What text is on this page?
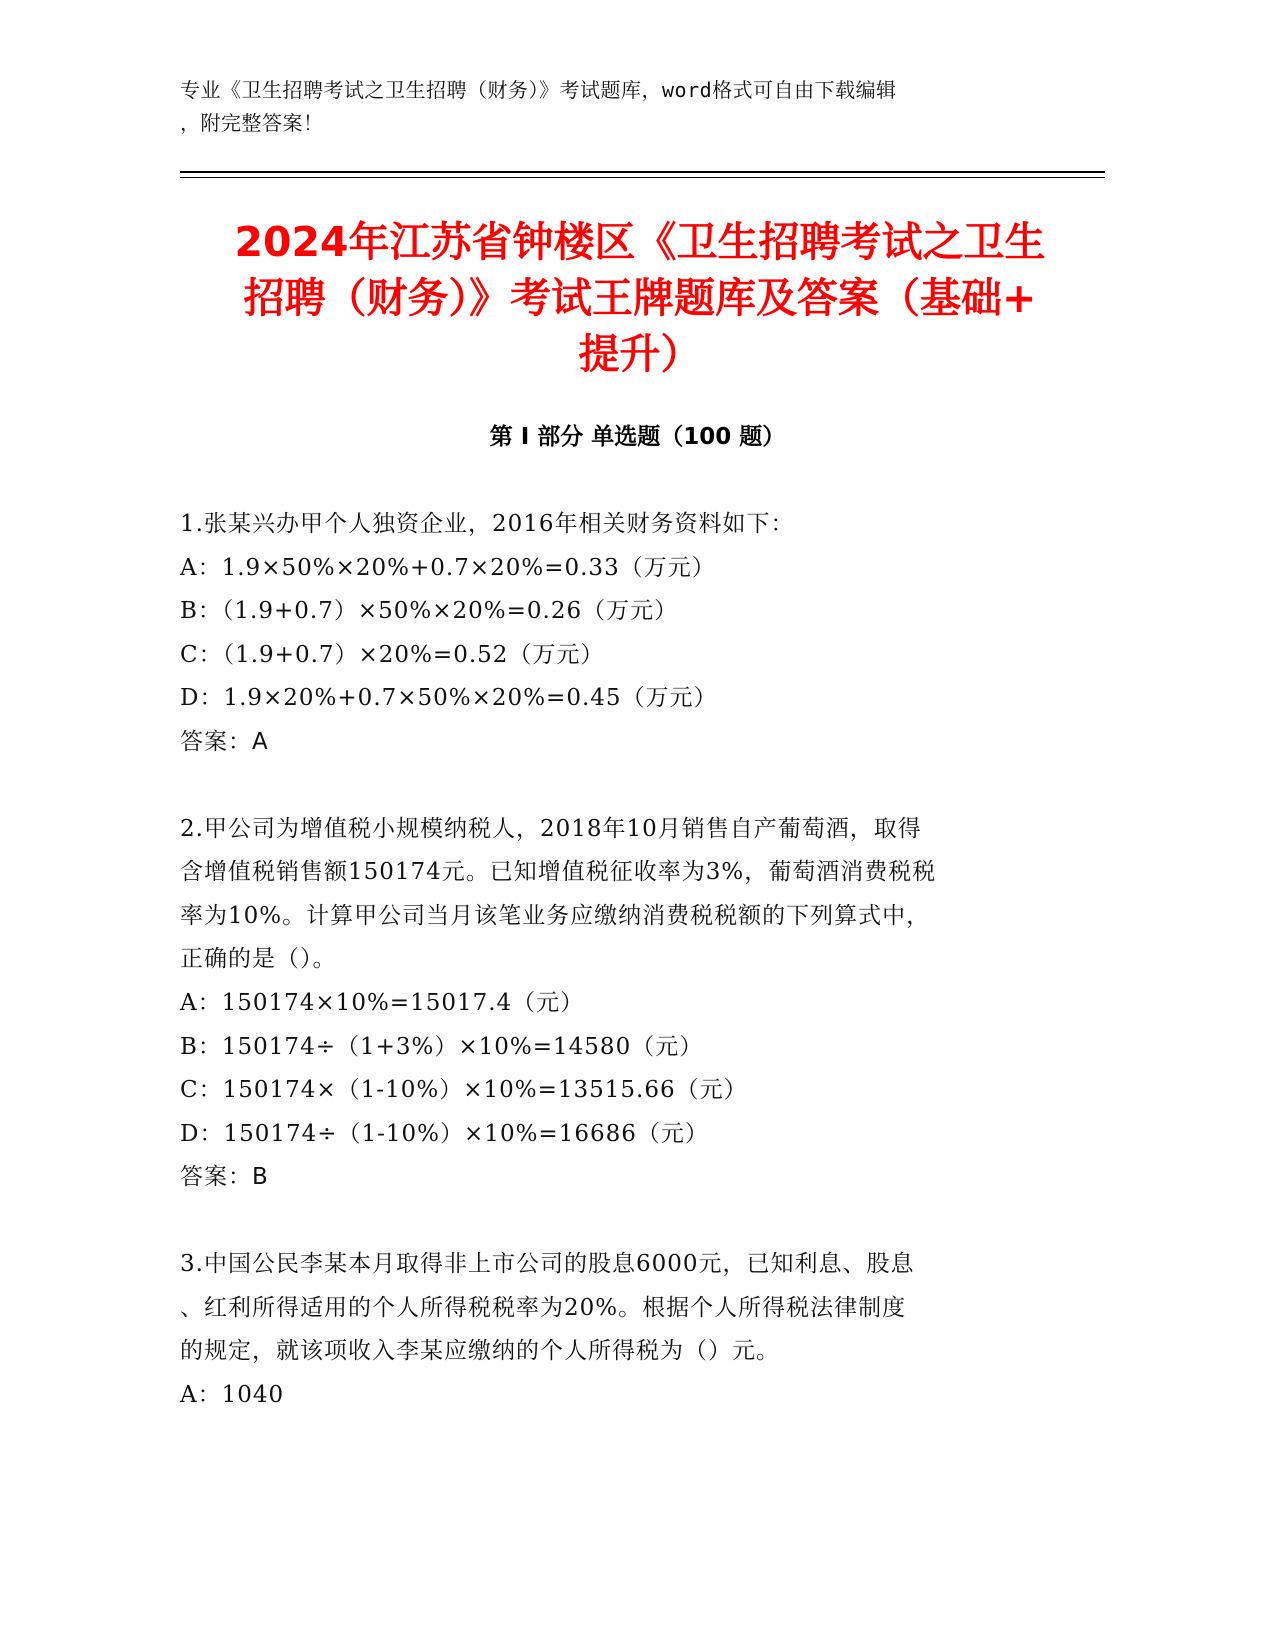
专业《卫生招聘考试之卫生招聘（财务）》考试题库，word格式可自由下载编辑
，附完整答案！
2024年江苏省钟楼区《卫生招聘考试之卫生
招聘（财务）》考试王牌题库及答案（基础+
提升）
第 I 部分 单选题（100 题）
1.张某兴办甲个人独资企业，2016年相关财务资料如下：
A：1.9×50%×20%+0.7×20%=0.33（万元）
B：（1.9+0.7）×50%×20%=0.26（万元）
C：（1.9+0.7）×20%=0.52（万元）
D：1.9×20%+0.7×50%×20%=0.45（万元）
答案：A
2.甲公司为增值税小规模纳税人，2018年10月销售自产葡萄酒，取得
含增值税销售额150174元。已知增值税征收率为3%，葡萄酒消费税税
率为10%。计算甲公司当月该笔业务应缴纳消费税税额的下列算式中，
正确的是（）。
A：150174×10%=15017.4（元）
B：150174÷（1+3%）×10%=14580（元）
C：150174×（1-10%）×10%=13515.66（元）
D：150174÷（1-10%）×10%=16686（元）
答案：B
3.中国公民李某本月取得非上市公司的股息6000元，已知利息、股息
、红利所得适用的个人所得税税率为20%。根据个人所得税法律制度
的规定，就该项收入李某应缴纳的个人所得税为（）元。
A：1040
